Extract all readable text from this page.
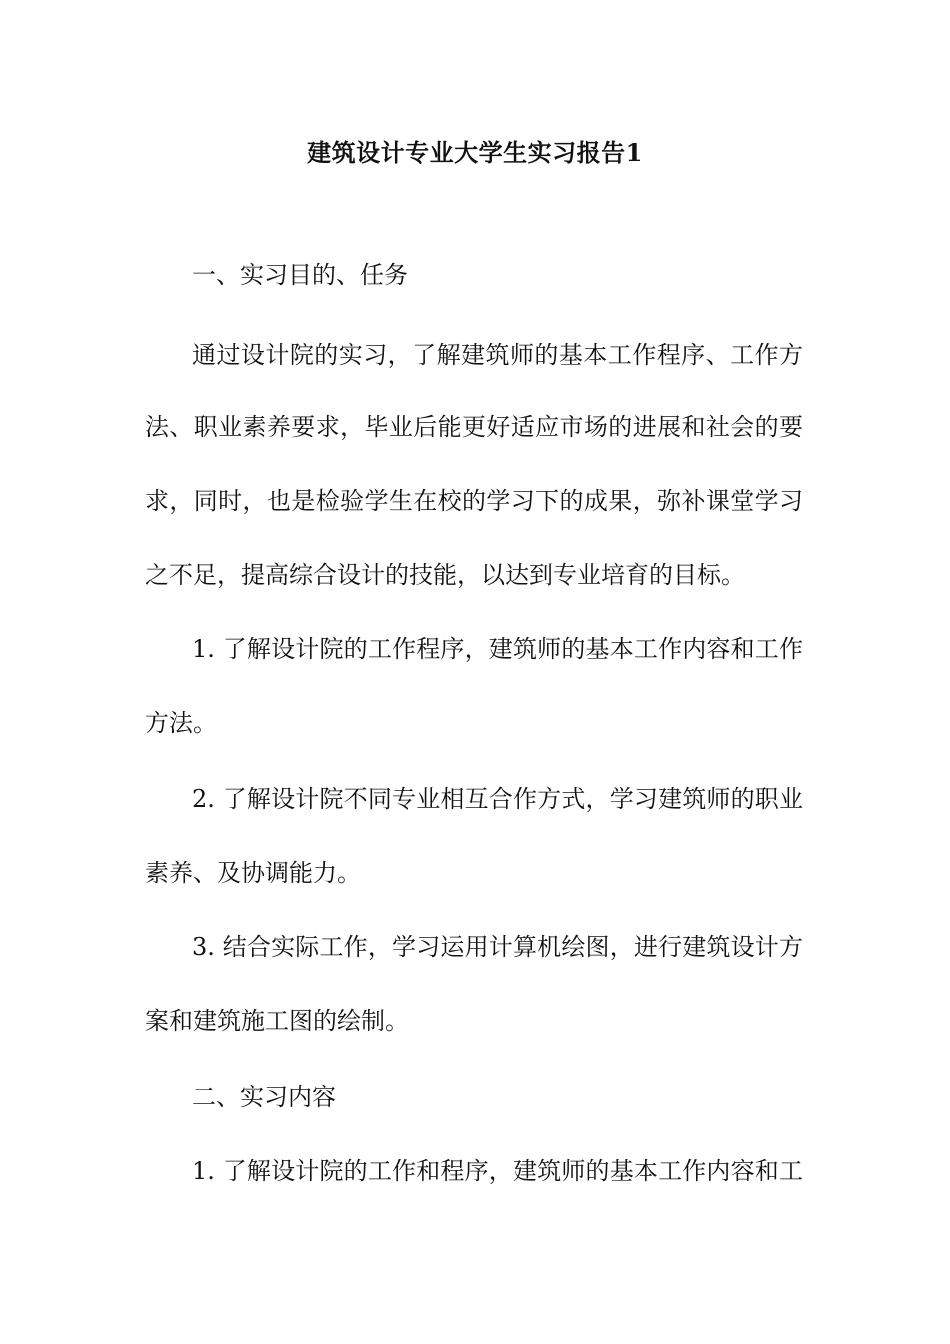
建筑设计专业大学生实习报告1
一、实习目的、任务
通过设计院的实习，了解建筑师的基本工作程序、工作方
法、职业素养要求，毕业后能更好适应市场的进展和社会的要
求，同时，也是检验学生在校的学习下的成果，弥补课堂学习
之不足，提高综合设计的技能，以达到专业培育的目标。
1. 了解设计院的工作程序，建筑师的基本工作内容和工作
方法。
2. 了解设计院不同专业相互合作方式，学习建筑师的职业
素养、及协调能力。
3. 结合实际工作，学习运用计算机绘图，进行建筑设计方
案和建筑施工图的绘制。
二、实习内容
1. 了解设计院的工作和程序，建筑师的基本工作内容和工
